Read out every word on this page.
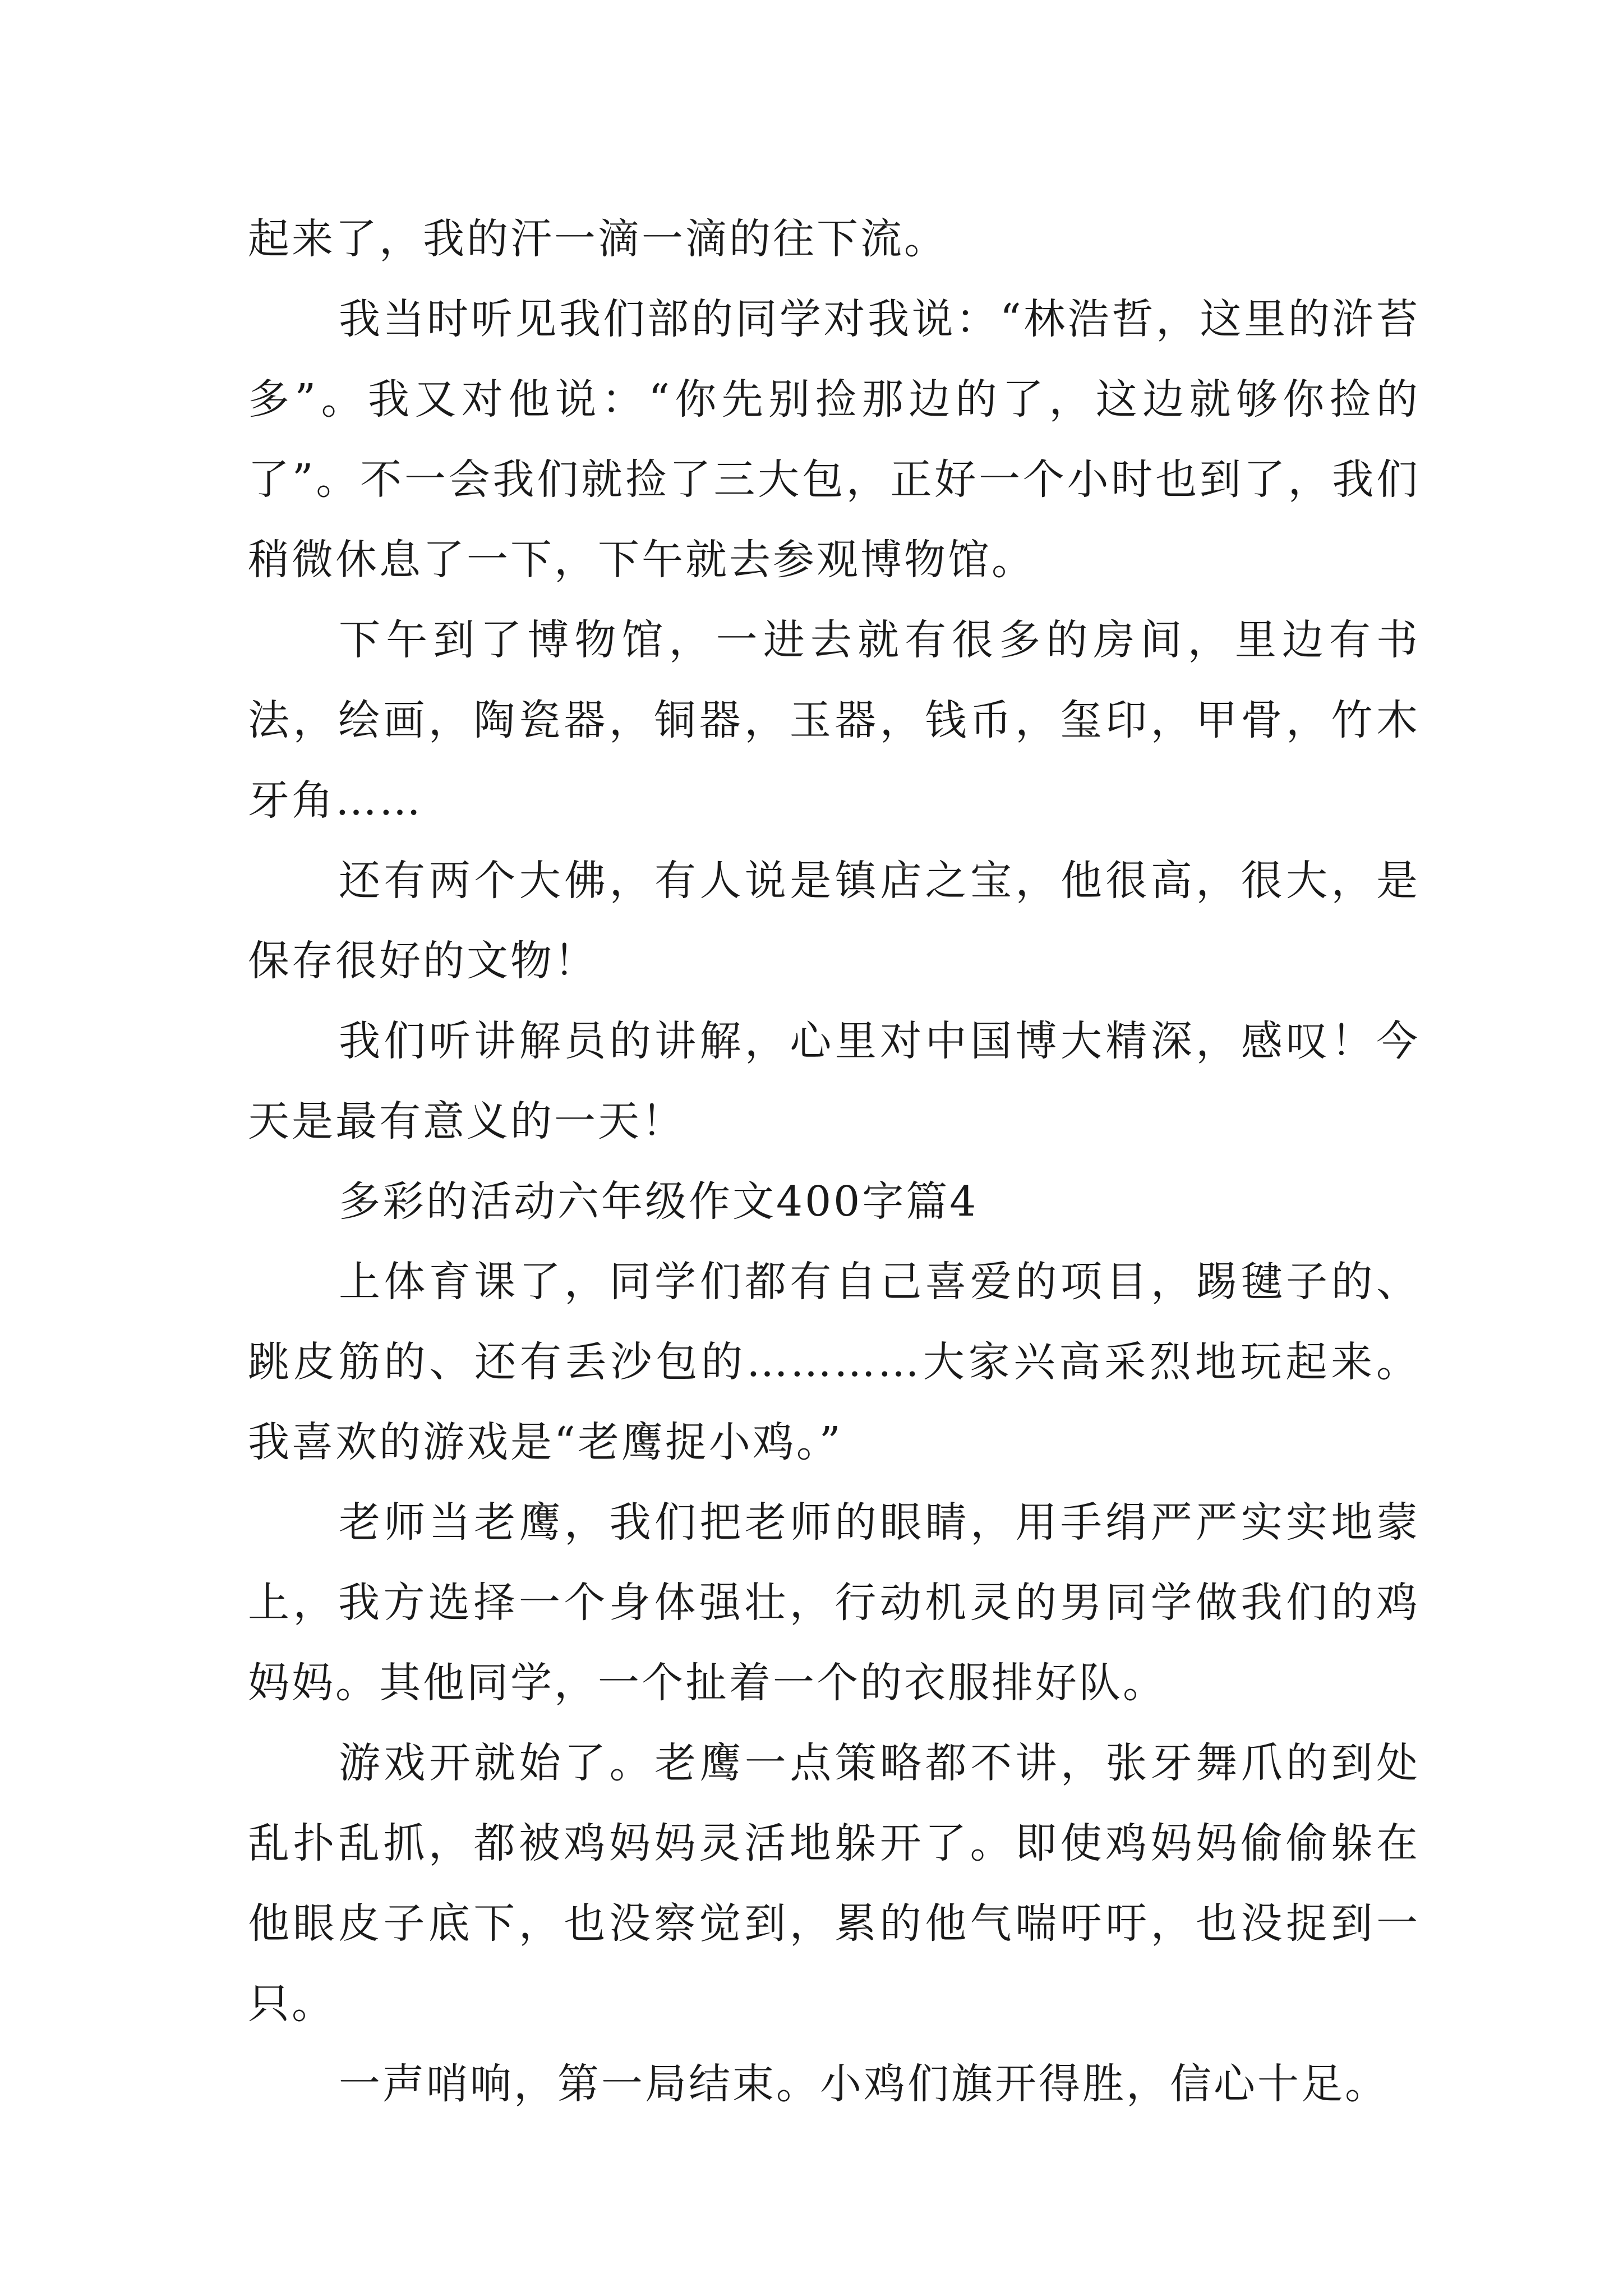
起来了，我的汗一滴一滴的往下流。

我当时听见我们部的同学对我说：“林浩哲，这里的浒苔多”。我又对他说：“你先别捡那边的了，这边就够你捡的了”。不一会我们就捡了三大包，正好一个小时也到了，我们稍微休息了一下，下午就去参观博物馆。

下午到了博物馆，一进去就有很多的房间，里边有书法，绘画，陶瓷器，铜器，玉器，钱币，玺印，甲骨，竹木牙角……

还有两个大佛，有人说是镇店之宝，他很高，很大，是保存很好的文物！

我们听讲解员的讲解，心里对中国博大精深，感叹！今天是最有意义的一天！

多彩的活动六年级作文400字篇4

上体育课了，同学们都有自己喜爱的项目，踢毽子的、跳皮筋的、还有丢沙包的…………大家兴高采烈地玩起来。我喜欢的游戏是“老鹰捉小鸡。”

老师当老鹰，我们把老师的眼睛，用手绢严严实实地蒙上，我方选择一个身体强壮，行动机灵的男同学做我们的鸡妈妈。其他同学，一个扯着一个的衣服排好队。

游戏开就始了。老鹰一点策略都不讲，张牙舞爪的到处乱扑乱抓，都被鸡妈妈灵活地躲开了。即使鸡妈妈偷偷躲在他眼皮子底下，也没察觉到，累的他气喘吁吁，也没捉到一只。

一声哨响，第一局结束。小鸡们旗开得胜，信心十足。
